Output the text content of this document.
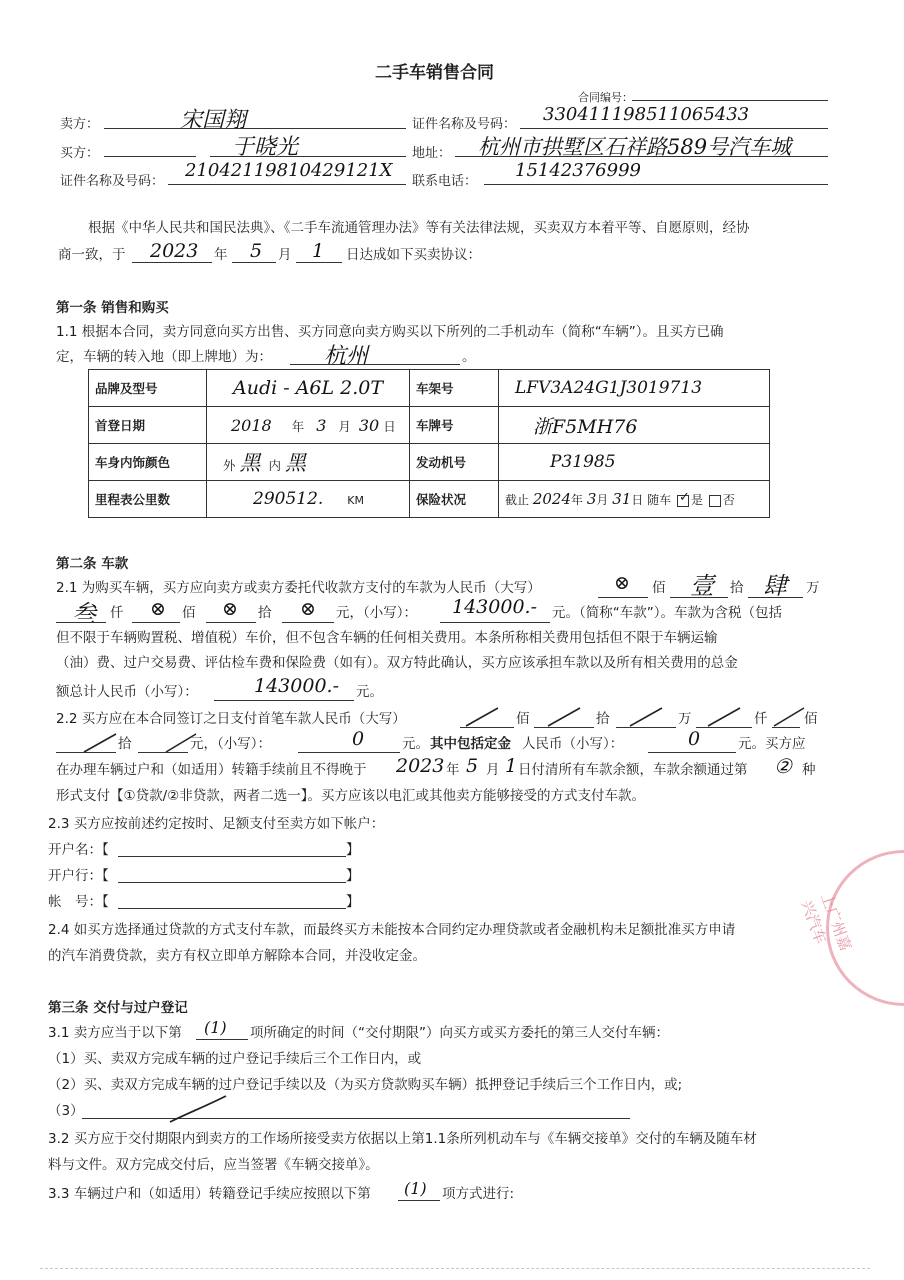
二手车销售合同
合同编号：
卖方：	宋国翔	证件名称及号码： 330411198511065433
买方：	于晓光	地址： 杭州市拱墅区石祥路589号汽车城
证件名称及号码：
21042119810429121X
联系电话：
15142376999
根据《中华人民共和国民法典》、《二手车流通管理办法》等有关法律法规，买卖双方本着平等、自愿原则，经协
商一致，于 2023 年 5 月 1 日达成如下买卖协议：
第一条 销售和购买
1.1 根据本合同，卖方同意向买方出售、买方同意向卖方购买以下所列的二手机动车（简称“车辆”）。且买方已确
定，车辆的转入地（即上牌地）为： 杭州	。
品牌及型号	Audi - A6L 2.0T	车架号	LFV3A24G1J3019713
首登日期	2018 年 3 月 30 日	车牌号	浙F5MH76
车身内饰颜色	外 黑 内 黑	发动机号	P31985
里程表公里数	290512. KM	保险状况	截止 2024年 3月 31日 随车 ✓ 是 否
第二条 车款
2.1 为购买车辆，买方应向卖方或卖方委托代收款方支付的车款为人民币（大写）	⊗ 佰 壹 拾 肆 万
叁 仟 ⊗ 佰 ⊗ 拾 ⊗ 元，（小写）： 143000.- 元。（简称“车款”）。车款为含税（包括
但不限于车辆购置税、增值税）车价，但不包含车辆的任何相关费用。本条所称相关费用包括但不限于车辆运输
（油）费、过户交易费、评估检车费和保险费（如有）。双方特此确认，买方应该承担车款以及所有相关费用的总金
额总计人民币（小写）：	143000.- 元。
2.2 买方应在本合同签订之日支付首笔车款人民币（大写）	佰	拾	万	仟	佰
拾	元，（小写）：	0	元。 其中包括定金 人民币（小写）：	0	元。买方应
在办理车辆过户和（如适用）转籍手续前且不得晚于 2023 年 5 月 1 日付清所有车款余额，车款余额通过第 ② 种
形式支付【①贷款/②非贷款，两者二选一】。买方应该以电汇或其他卖方能够接受的方式支付车款。
2.3 买方应按前述约定按时、足额支付至卖方如下帐户：
开户名：【	】
开户行：【	】
帐　号：【	】
2.4 如买方选择通过贷款的方式支付车款，而最终买方未能按本合同约定办理贷款或者金融机构未足额批准买方申请
的汽车消费贷款，卖方有权立即单方解除本合同，并没收定金。
第三条 交付与过户登记
3.1 卖方应当于以下第 (1) 项所确定的时间（“交付期限”）向买方或买方委托的第三人交付车辆：
（1）买、卖双方完成车辆的过户登记手续后三个工作日内，或
（2）买、卖双方完成车辆的过户登记手续以及（为买方贷款购买车辆）抵押登记手续后三个工作日内，或;
（3）
3.2 买方应于交付期限内到卖方的工作场所接受卖方依据以上第1.1条所列机动车与《车辆交接单》交付的车辆及随车材
料与文件。双方完成交付后，应当签署《车辆交接单》。
3.3 车辆过户和（如适用）转籍登记手续应按照以下第 (1) 项方式进行:
上广州嘉兴汽车
